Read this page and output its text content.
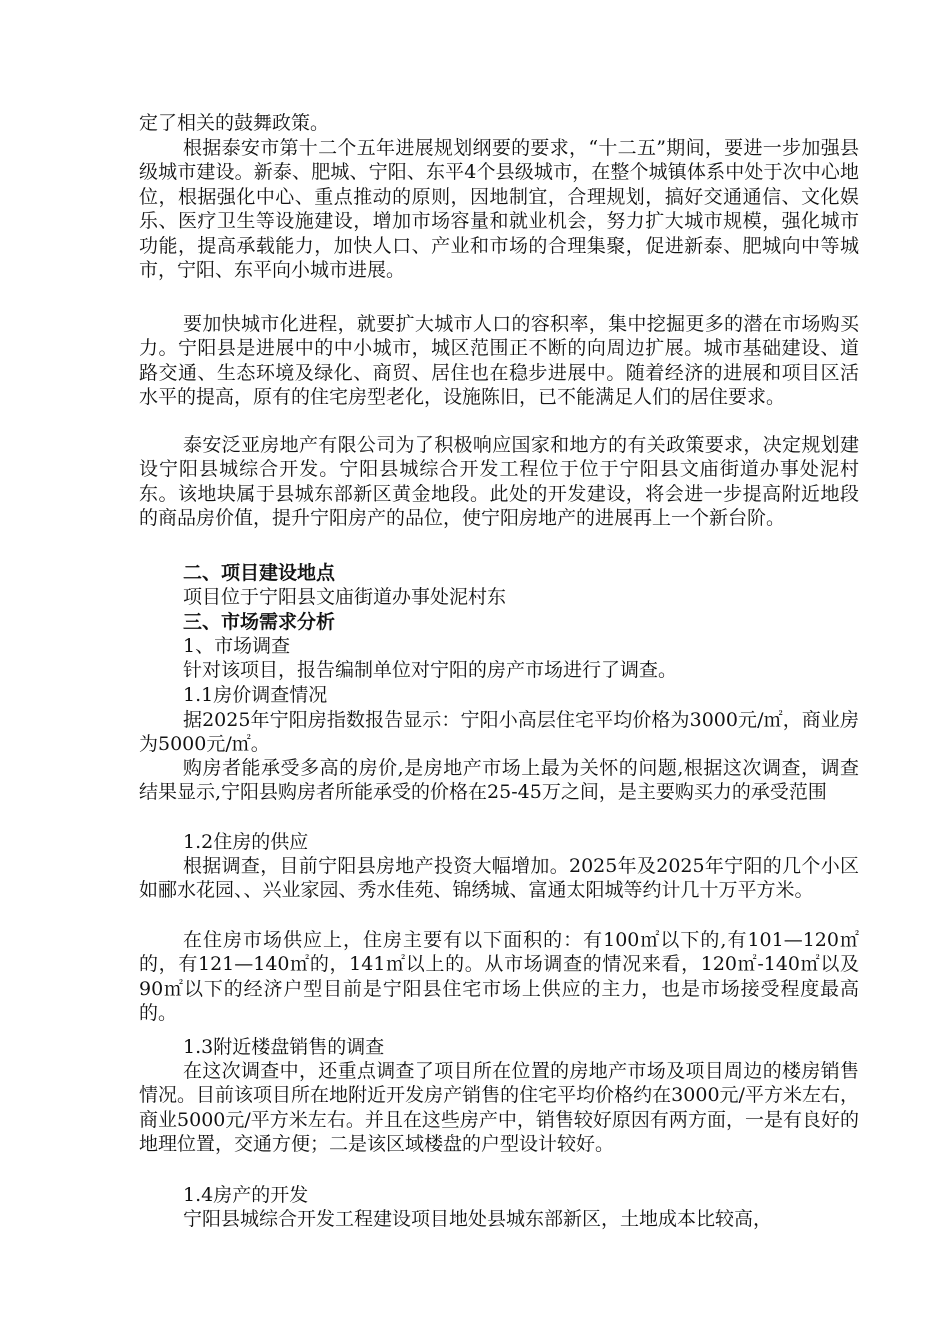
定了相关的鼓舞政策。

根据泰安市第十二个五年进展规划纲要的要求，“十二五”期间，要进一步加强县级城市建设。新泰、肥城、宁阳、东平4个县级城市，在整个城镇体系中处于次中心地位，根据强化中心、重点推动的原则，因地制宜，合理规划，搞好交通通信、文化娱乐、医疗卫生等设施建设，增加市场容量和就业机会，努力扩大城市规模，强化城市功能，提高承载能力，加快人口、产业和市场的合理集聚，促进新泰、肥城向中等城市，宁阳、东平向小城市进展。

要加快城市化进程，就要扩大城市人口的容积率，集中挖掘更多的潜在市场购买力。宁阳县是进展中的中小城市，城区范围正不断的向周边扩展。城市基础建设、道路交通、生态环境及绿化、商贸、居住也在稳步进展中。随着经济的进展和项目区活水平的提高，原有的住宅房型老化，设施陈旧，已不能满足人们的居住要求。

泰安泛亚房地产有限公司为了积极响应国家和地方的有关政策要求，决定规划建设宁阳县城综合开发。宁阳县城综合开发工程位于位于宁阳县文庙街道办事处泥村东。该地块属于县城东部新区黄金地段。此处的开发建设，将会进一步提高附近地段的商品房价值，提升宁阳房产的品位，使宁阳房地产的进展再上一个新台阶。

二、项目建设地点

项目位于宁阳县文庙街道办事处泥村东

三、市场需求分析

1、市场调查

针对该项目，报告编制单位对宁阳的房产市场进行了调查。

1.1房价调查情况

据2025年宁阳房指数报告显示：宁阳小高层住宅平均价格为3000元/㎡，商业房为5000元/㎡。

购房者能承受多高的房价,是房地产市场上最为关怀的问题,根据这次调查，调查结果显示,宁阳县购房者所能承受的价格在25-45万之间，是主要购买力的承受范围

1.2住房的供应

根据调查，目前宁阳县房地产投资大幅增加。2025年及2025年宁阳的几个小区如郦水花园、、兴业家园、秀水佳苑、锦绣城、富通太阳城等约计几十万平方米。

在住房市场供应上，住房主要有以下面积的：有100㎡以下的,有101—120㎡的，有121—140㎡的，141㎡以上的。从市场调查的情况来看，120㎡-140㎡以及90㎡以下的经济户型目前是宁阳县住宅市场上供应的主力，也是市场接受程度最高的。

1.3附近楼盘销售的调查

在这次调查中，还重点调查了项目所在位置的房地产市场及项目周边的楼房销售情况。目前该项目所在地附近开发房产销售的住宅平均价格约在3000元/平方米左右，商业5000元/平方米左右。并且在这些房产中，销售较好原因有两方面，一是有良好的地理位置，交通方便；二是该区域楼盘的户型设计较好。

1.4房产的开发

宁阳县城综合开发工程建设项目地处县城东部新区，土地成本比较高，
